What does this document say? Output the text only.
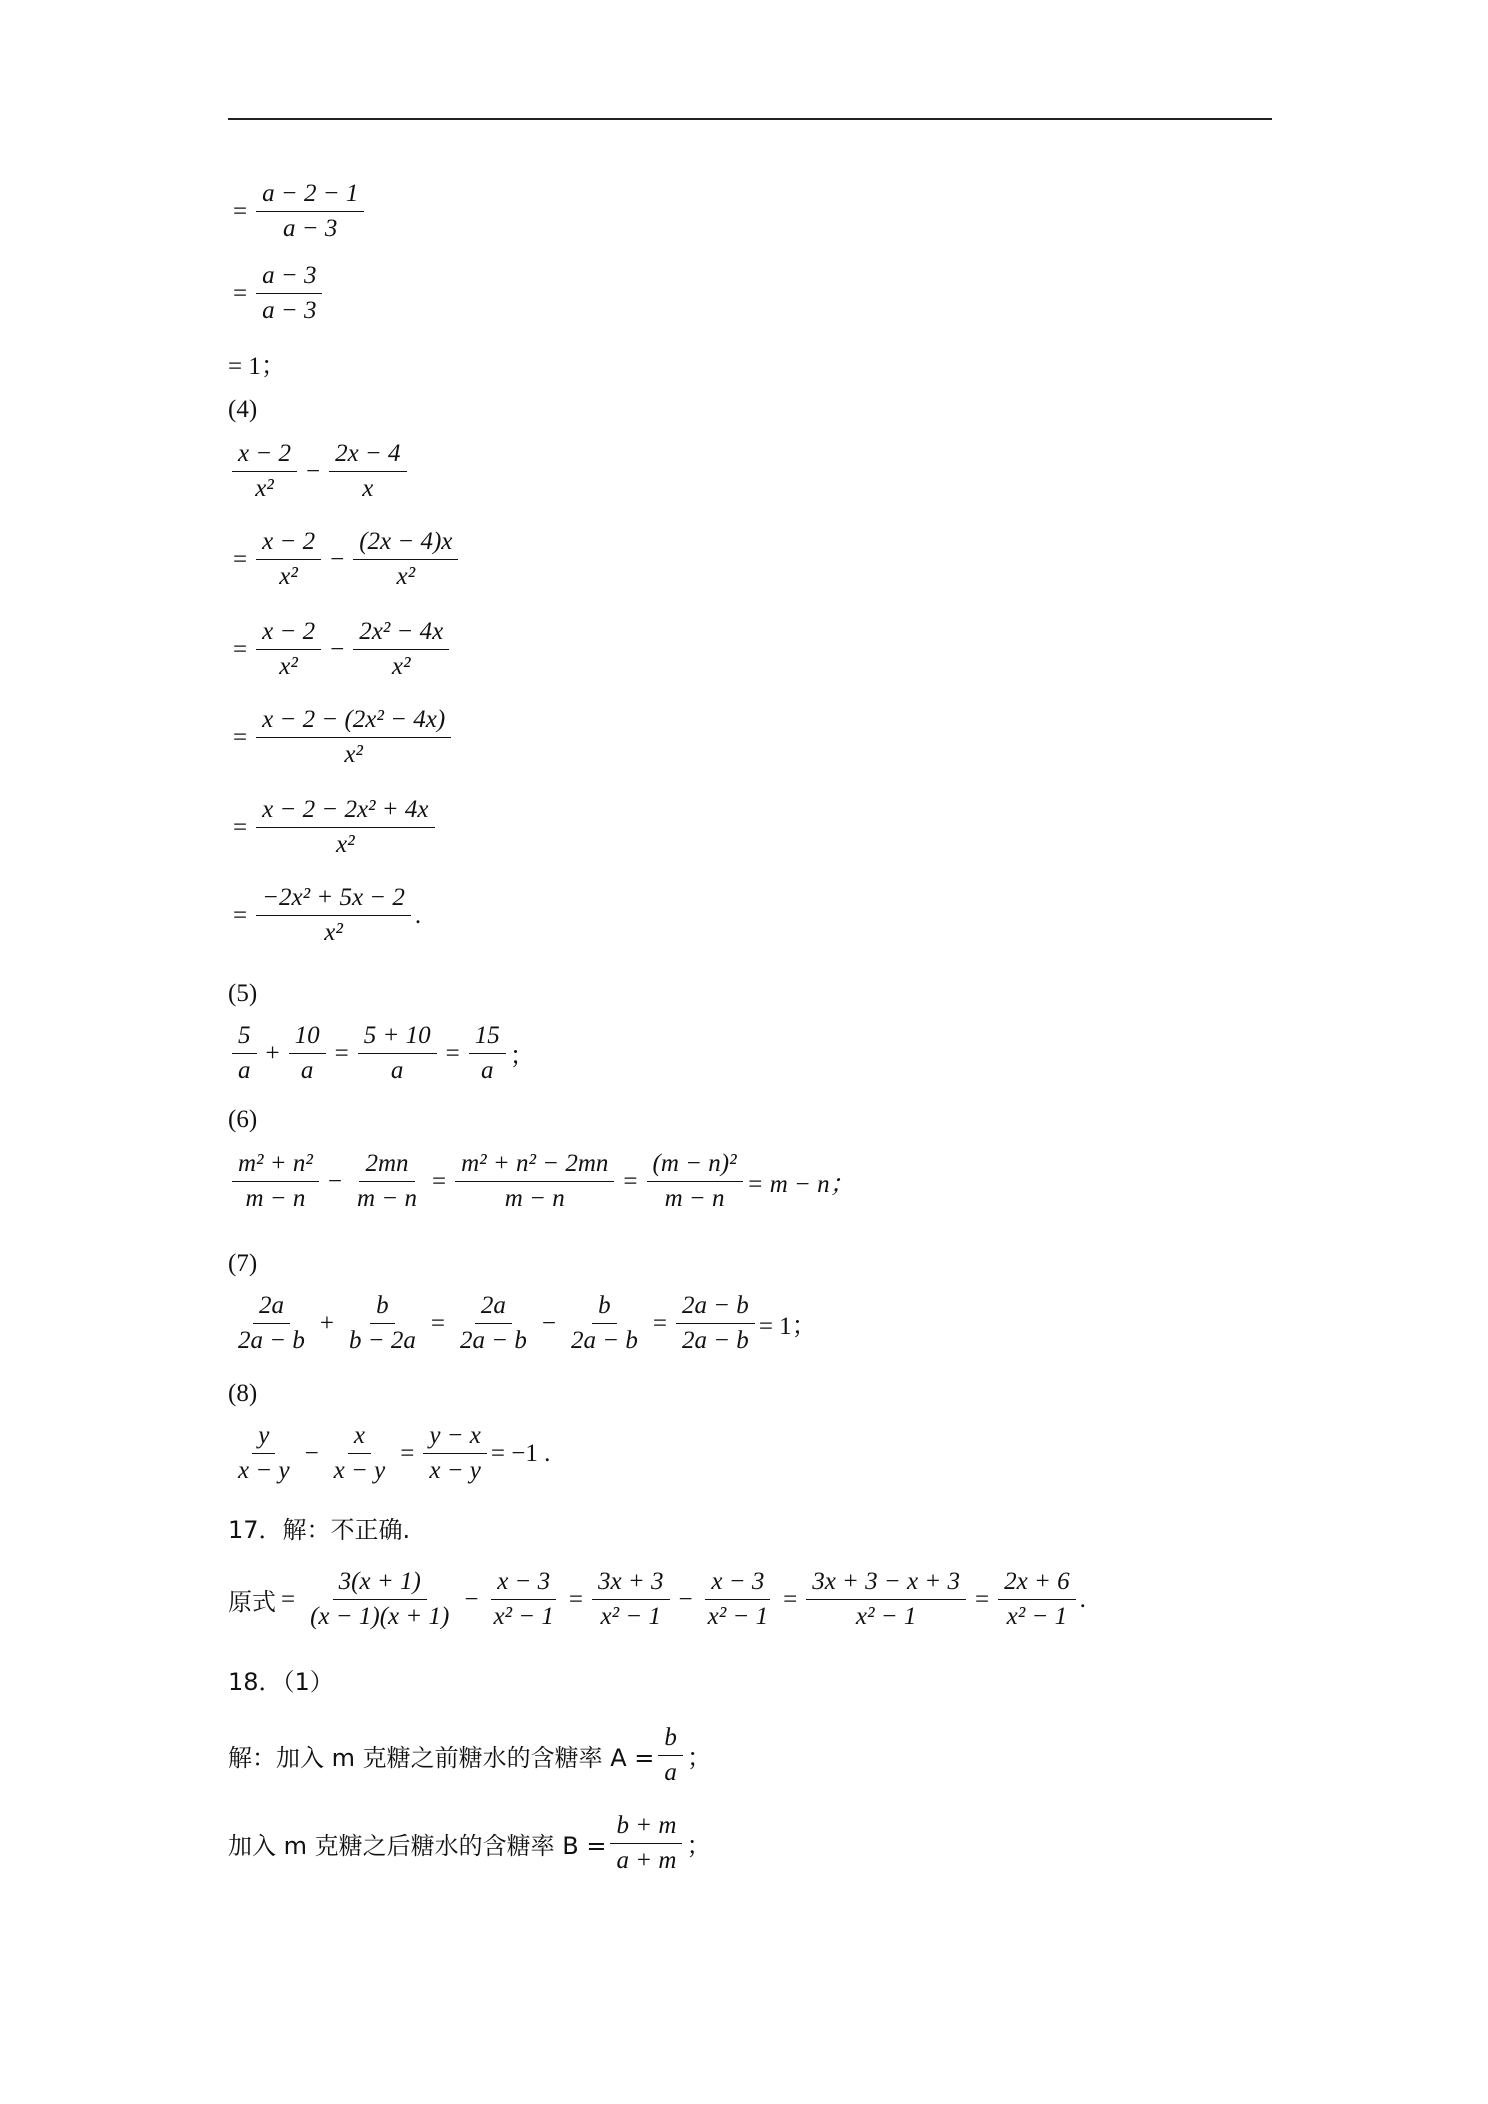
= $\frac{a - 2 - 1}{a - 3}$
= $\frac{a - 3}{a - 3}$
= 1；
(4)
$\frac{x - 2}{\text{x²}} - \frac{2x - 4}{x}$
= $\frac{x - 2}{\text{x²}} - \frac{(2x - 4)x}{\text{x²}}$
= $\frac{x - 2}{\text{x²}} - \frac{\text{2x² − 4x}}{\text{x²}}$
= $\frac{\text{x − 2 − (2x² − 4x)}}{\text{x²}}$
= $\frac{\text{x − 2 − 2x² + 4x}}{\text{x²}}$
= $\frac{\text{−2x² + 5x − 2}}{\text{x²}}$ .
(5)
$\frac{5}{a} + \frac{10}{a} = \frac{5 + 10}{a} = \frac{15}{a}$ ；
(6)
$\frac{\text{m² + n²}}{m - n} - \frac{2mn}{m - n} = \frac{\text{m² + n² − 2mn}}{m - n} = \frac{\text{(m − n)²}}{m - n} = m - n$；
(7)
$\frac{2a}{2a - b} + \frac{b}{b - 2a} = \frac{2a}{2a - b} - \frac{b}{2a - b} = \frac{2a - b}{2a - b} = 1$；
(8)
$\frac{y}{x - y} - \frac{x}{x - y} = \frac{y - x}{x - y} = -1$ .
17．解：不正确.
原式 = $\frac{3(x + 1)}{(x - 1)(x + 1)} - \frac{x - 3}{\text{x² − 1}} = \frac{3x + 3}{\text{x² − 1}} - \frac{x - 3}{\text{x² − 1}} = \frac{3x + 3 - x + 3}{\text{x² − 1}} = \frac{2x + 6}{\text{x² − 1}}$ .
18．（1）
解：加入 m 克糖之前糖水的含糖率 $A = \frac{b}{a}$ ；
加入 m 克糖之后糖水的含糖率 $B = \frac{b + m}{a + m}$ ；
